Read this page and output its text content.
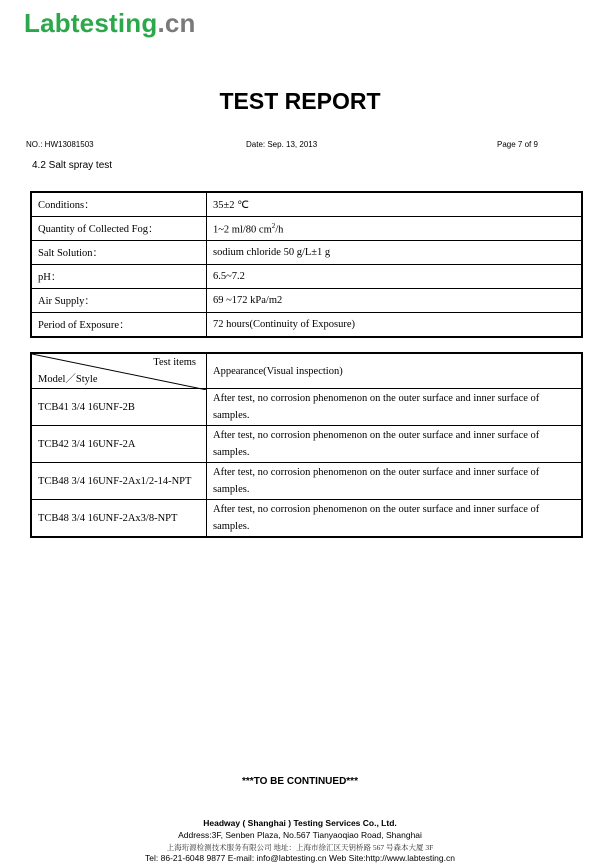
Labtesting.cn
TEST REPORT
NO.: HW13081503	Date: Sep. 13, 2013	Page 7 of 9
4.2 Salt spray test
Conditions：	35±2 ℃
Quantity of Collected Fog：	1~2 ml/80 $cm^2/h$
Salt Solution：	sodium chloride 50 g/L±1 g
pH：	6.5~7.2
Air Supply：	69 ~172 kPa/m2
Period of Exposure：	72 hours(Continuity of Exposure)
Test items
Model／Style	Appearance(Visual inspection)
TCB41 3/4 16UNF-2B	After test, no corrosion phenomenon on the outer surface and inner surface of samples.
TCB42 3/4 16UNF-2A	After test, no corrosion phenomenon on the outer surface and inner surface of samples.
TCB48 3/4 16UNF-2Ax1/2-14-NPT	After test, no corrosion phenomenon on the outer surface and inner surface of samples.
TCB48 3/4 16UNF-2Ax3/8-NPT	After test, no corrosion phenomenon on the outer surface and inner surface of samples.
***TO BE CONTINUED***
Headway ( Shanghai ) Testing Services Co., Ltd.
Address:3F, Senben Plaza, No.567 Tianyaoqiao Road, Shanghai
上海珩源检测技术服务有限公司 地址：上海市徐汇区天钥桥路 567 号森本大厦 3F
Tel: 86-21-6048 9877 E-mail: info@labtesting.cn Web Site:http://www.labtesting.cn
